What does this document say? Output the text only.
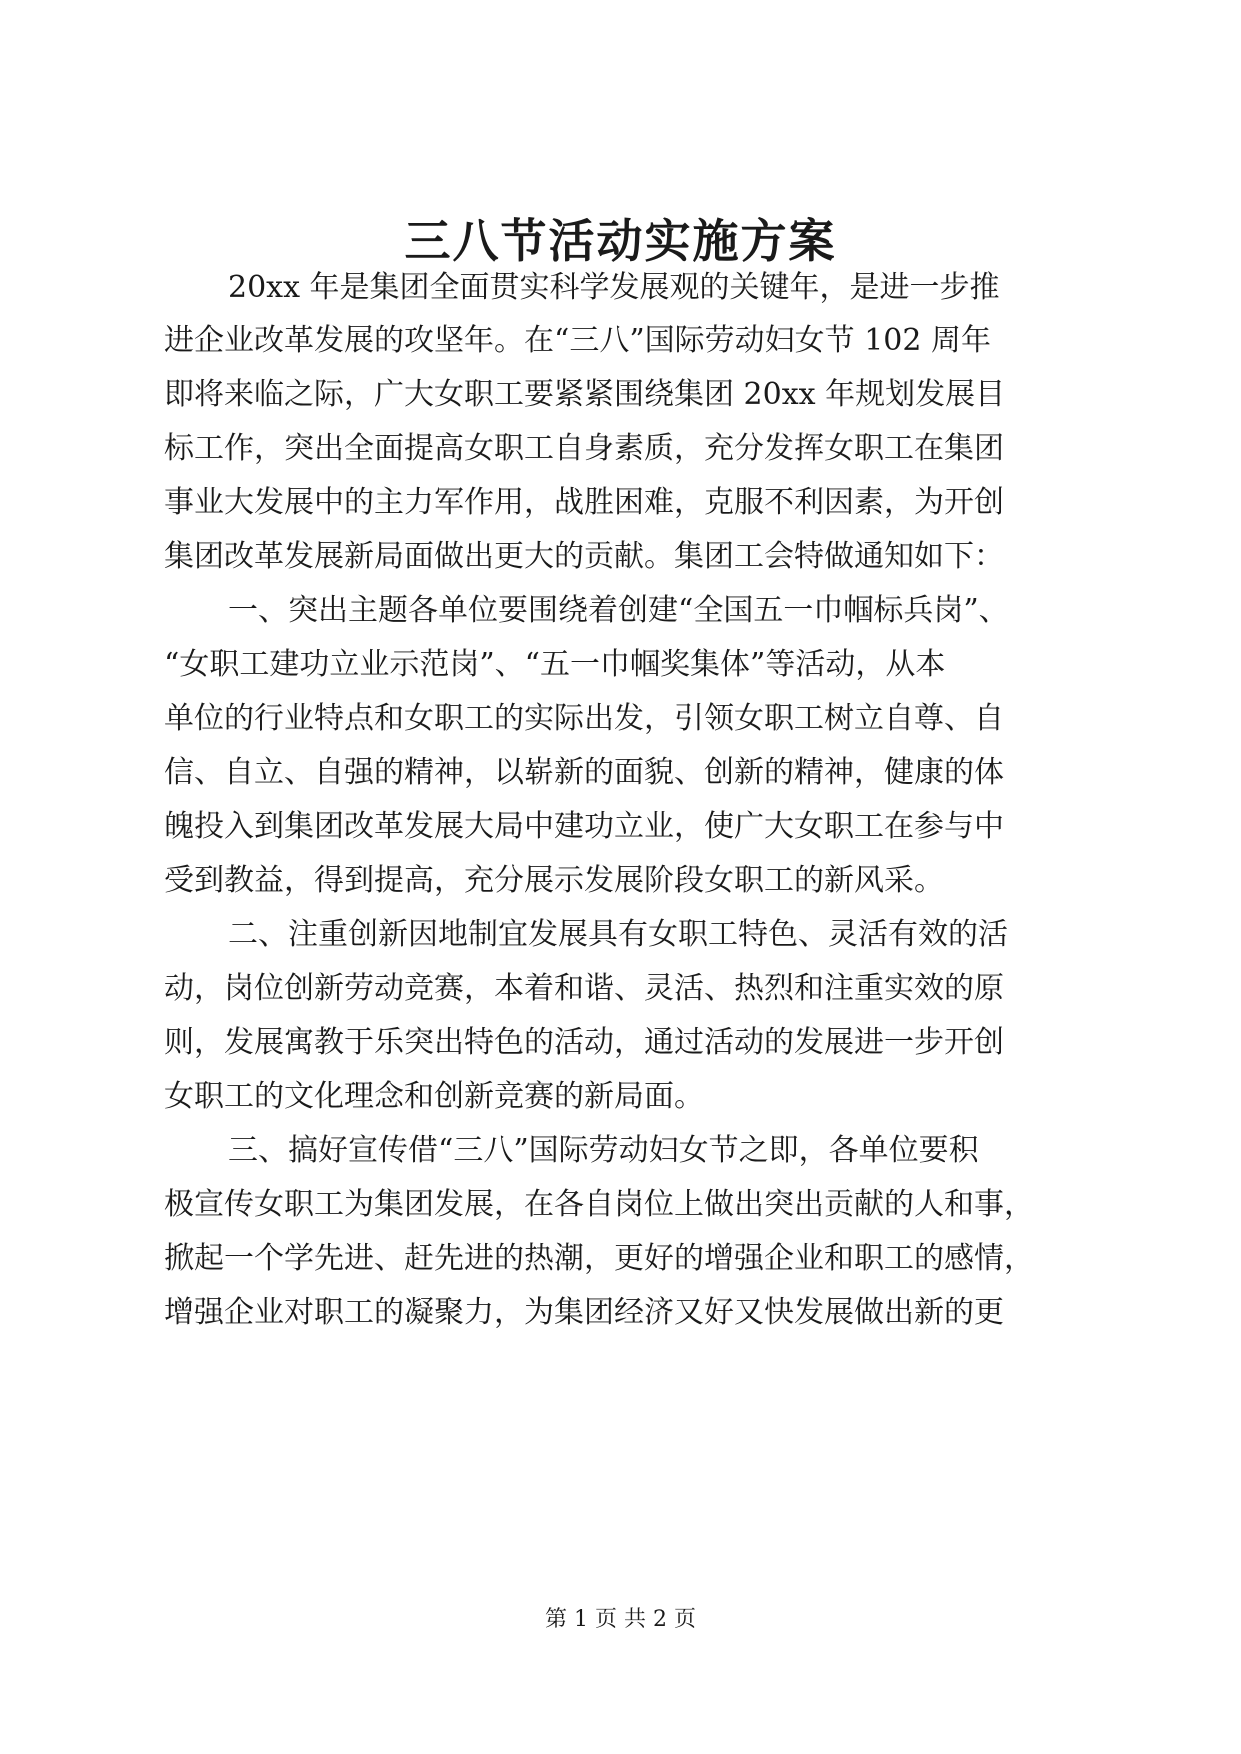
三八节活动实施方案

20xx 年是集团全面贯实科学发展观的关键年，是进一步推

进企业改革发展的攻坚年。在“三八”国际劳动妇女节 102 周年

即将来临之际，广大女职工要紧紧围绕集团 20xx 年规划发展目

标工作，突出全面提高女职工自身素质，充分发挥女职工在集团

事业大发展中的主力军作用，战胜困难，克服不利因素，为开创

集团改革发展新局面做出更大的贡献。集团工会特做通知如下：

一、突出主题各单位要围绕着创建“全国五一巾帼标兵岗”、

“女职工建功立业示范岗”、“五一巾帼奖集体”等活动，从本

单位的行业特点和女职工的实际出发，引领女职工树立自尊、自

信、自立、自强的精神，以崭新的面貌、创新的精神，健康的体

魄投入到集团改革发展大局中建功立业，使广大女职工在参与中

受到教益，得到提高，充分展示发展阶段女职工的新风采。

二、注重创新因地制宜发展具有女职工特色、灵活有效的活

动，岗位创新劳动竞赛，本着和谐、灵活、热烈和注重实效的原

则，发展寓教于乐突出特色的活动，通过活动的发展进一步开创

女职工的文化理念和创新竞赛的新局面。

三、搞好宣传借“三八”国际劳动妇女节之即，各单位要积

极宣传女职工为集团发展，在各自岗位上做出突出贡献的人和事，

掀起一个学先进、赶先进的热潮，更好的增强企业和职工的感情，

增强企业对职工的凝聚力，为集团经济又好又快发展做出新的更

第 1 页 共 2 页
